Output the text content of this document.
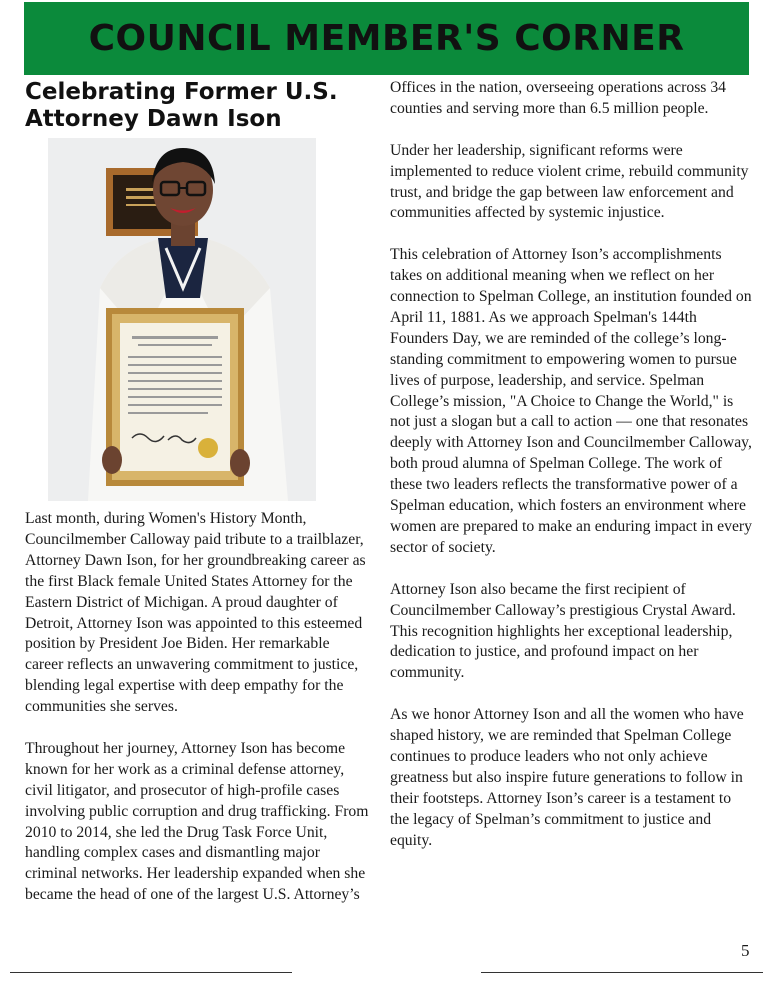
COUNCIL MEMBER'S CORNER
Celebrating Former U.S. Attorney Dawn Ison

Last month, during Women's History Month, Councilmember Calloway paid tribute to a trailblazer, Attorney Dawn Ison, for her groundbreaking career as the first Black female United States Attorney for the Eastern District of Michigan. A proud daughter of Detroit, Attorney Ison was appointed to this esteemed position by President Joe Biden. Her remarkable career reflects an unwavering commitment to justice, blending legal expertise with deep empathy for the communities she serves.

Throughout her journey, Attorney Ison has become known for her work as a criminal defense attorney, civil litigator, and prosecutor of high-profile cases involving public corruption and drug trafficking. From 2010 to 2014, she led the Drug Task Force Unit, handling complex cases and dismantling major criminal networks. Her leadership expanded when she became the head of one of the largest U.S. Attorney’s

Offices in the nation, overseeing operations across 34 counties and serving more than 6.5 million people.

Under her leadership, significant reforms were implemented to reduce violent crime, rebuild community trust, and bridge the gap between law enforcement and communities affected by systemic injustice.

This celebration of Attorney Ison’s accomplishments takes on additional meaning when we reflect on her connection to Spelman College, an institution founded on April 11, 1881. As we approach Spelman's 144th Founders Day, we are reminded of the college’s long-standing commitment to empowering women to pursue lives of purpose, leadership, and service. Spelman College’s mission, "A Choice to Change the World," is not just a slogan but a call to action — one that resonates deeply with Attorney Ison and Councilmember Calloway, both proud alumna of Spelman College. The work of these two leaders reflects the transformative power of a Spelman education, which fosters an environment where women are prepared to make an enduring impact in every sector of society.

Attorney Ison also became the first recipient of Councilmember Calloway’s prestigious Crystal Award. This recognition highlights her exceptional leadership, dedication to justice, and profound impact on her community.

As we honor Attorney Ison and all the women who have shaped history, we are reminded that Spelman College continues to produce leaders who not only achieve greatness but also inspire future generations to follow in their footsteps. Attorney Ison’s career is a testament to the legacy of Spelman’s commitment to justice and equity.

5
